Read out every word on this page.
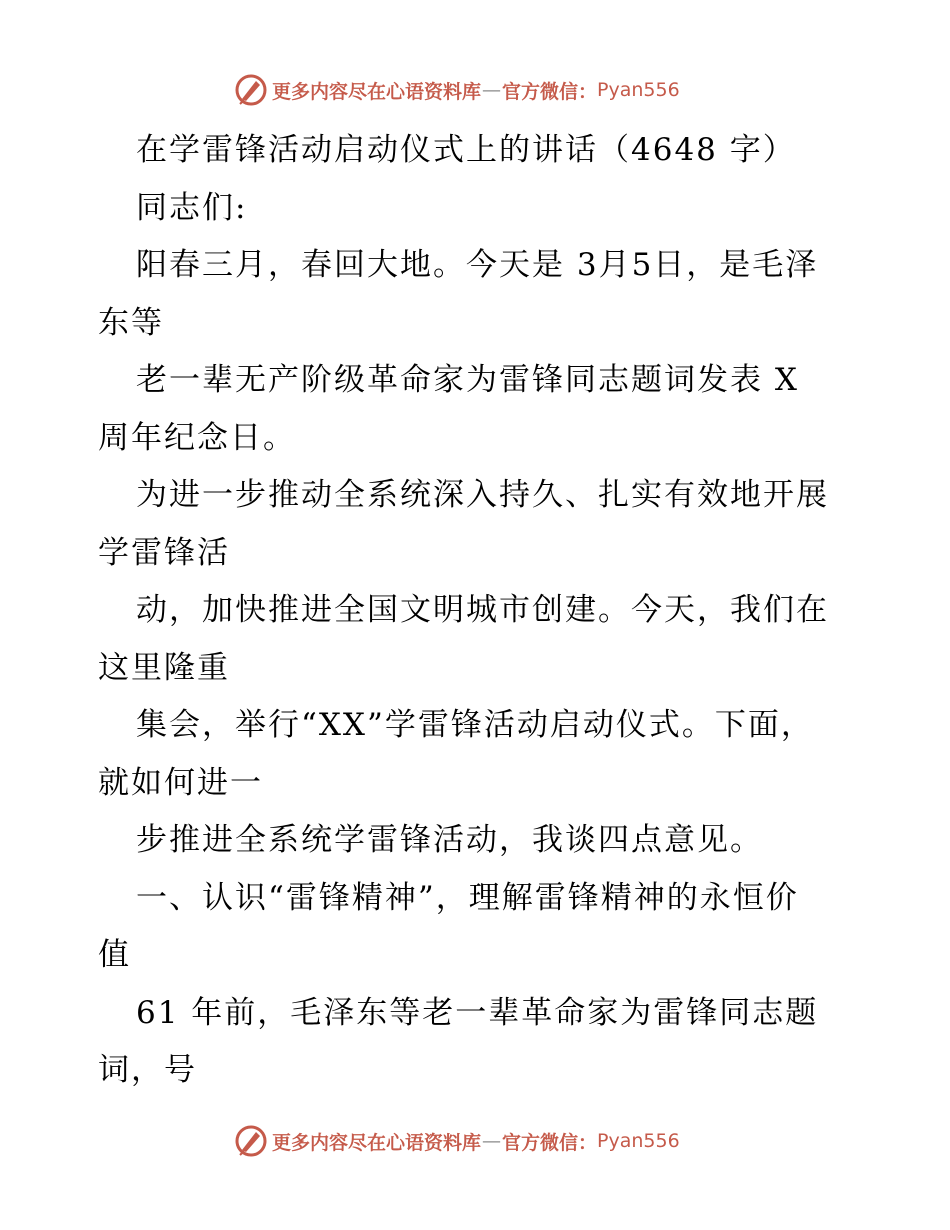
更多内容尽在心语资料库 — 官方微信： Pyan556

在学雷锋活动启动仪式上的讲话（4648 字）

同志们:

阳春三月，春回大地。今天是 3月5日，是毛泽

东等

老一辈无产阶级革命家为雷锋同志题词发表 X

周年纪念日。

为进一步推动全系统深入持久、扎实有效地开展

学雷锋活

动，加快推进全国文明城市创建。今天，我们在

这里隆重

集会，举行“XX”学雷锋活动启动仪式。下面，

就如何进一

步推进全系统学雷锋活动，我谈四点意见。

一、认识“雷锋精神”，理解雷锋精神的永恒价

值

61 年前，毛泽东等老一辈革命家为雷锋同志题

词，号

更多内容尽在心语资料库 — 官方微信： Pyan556
